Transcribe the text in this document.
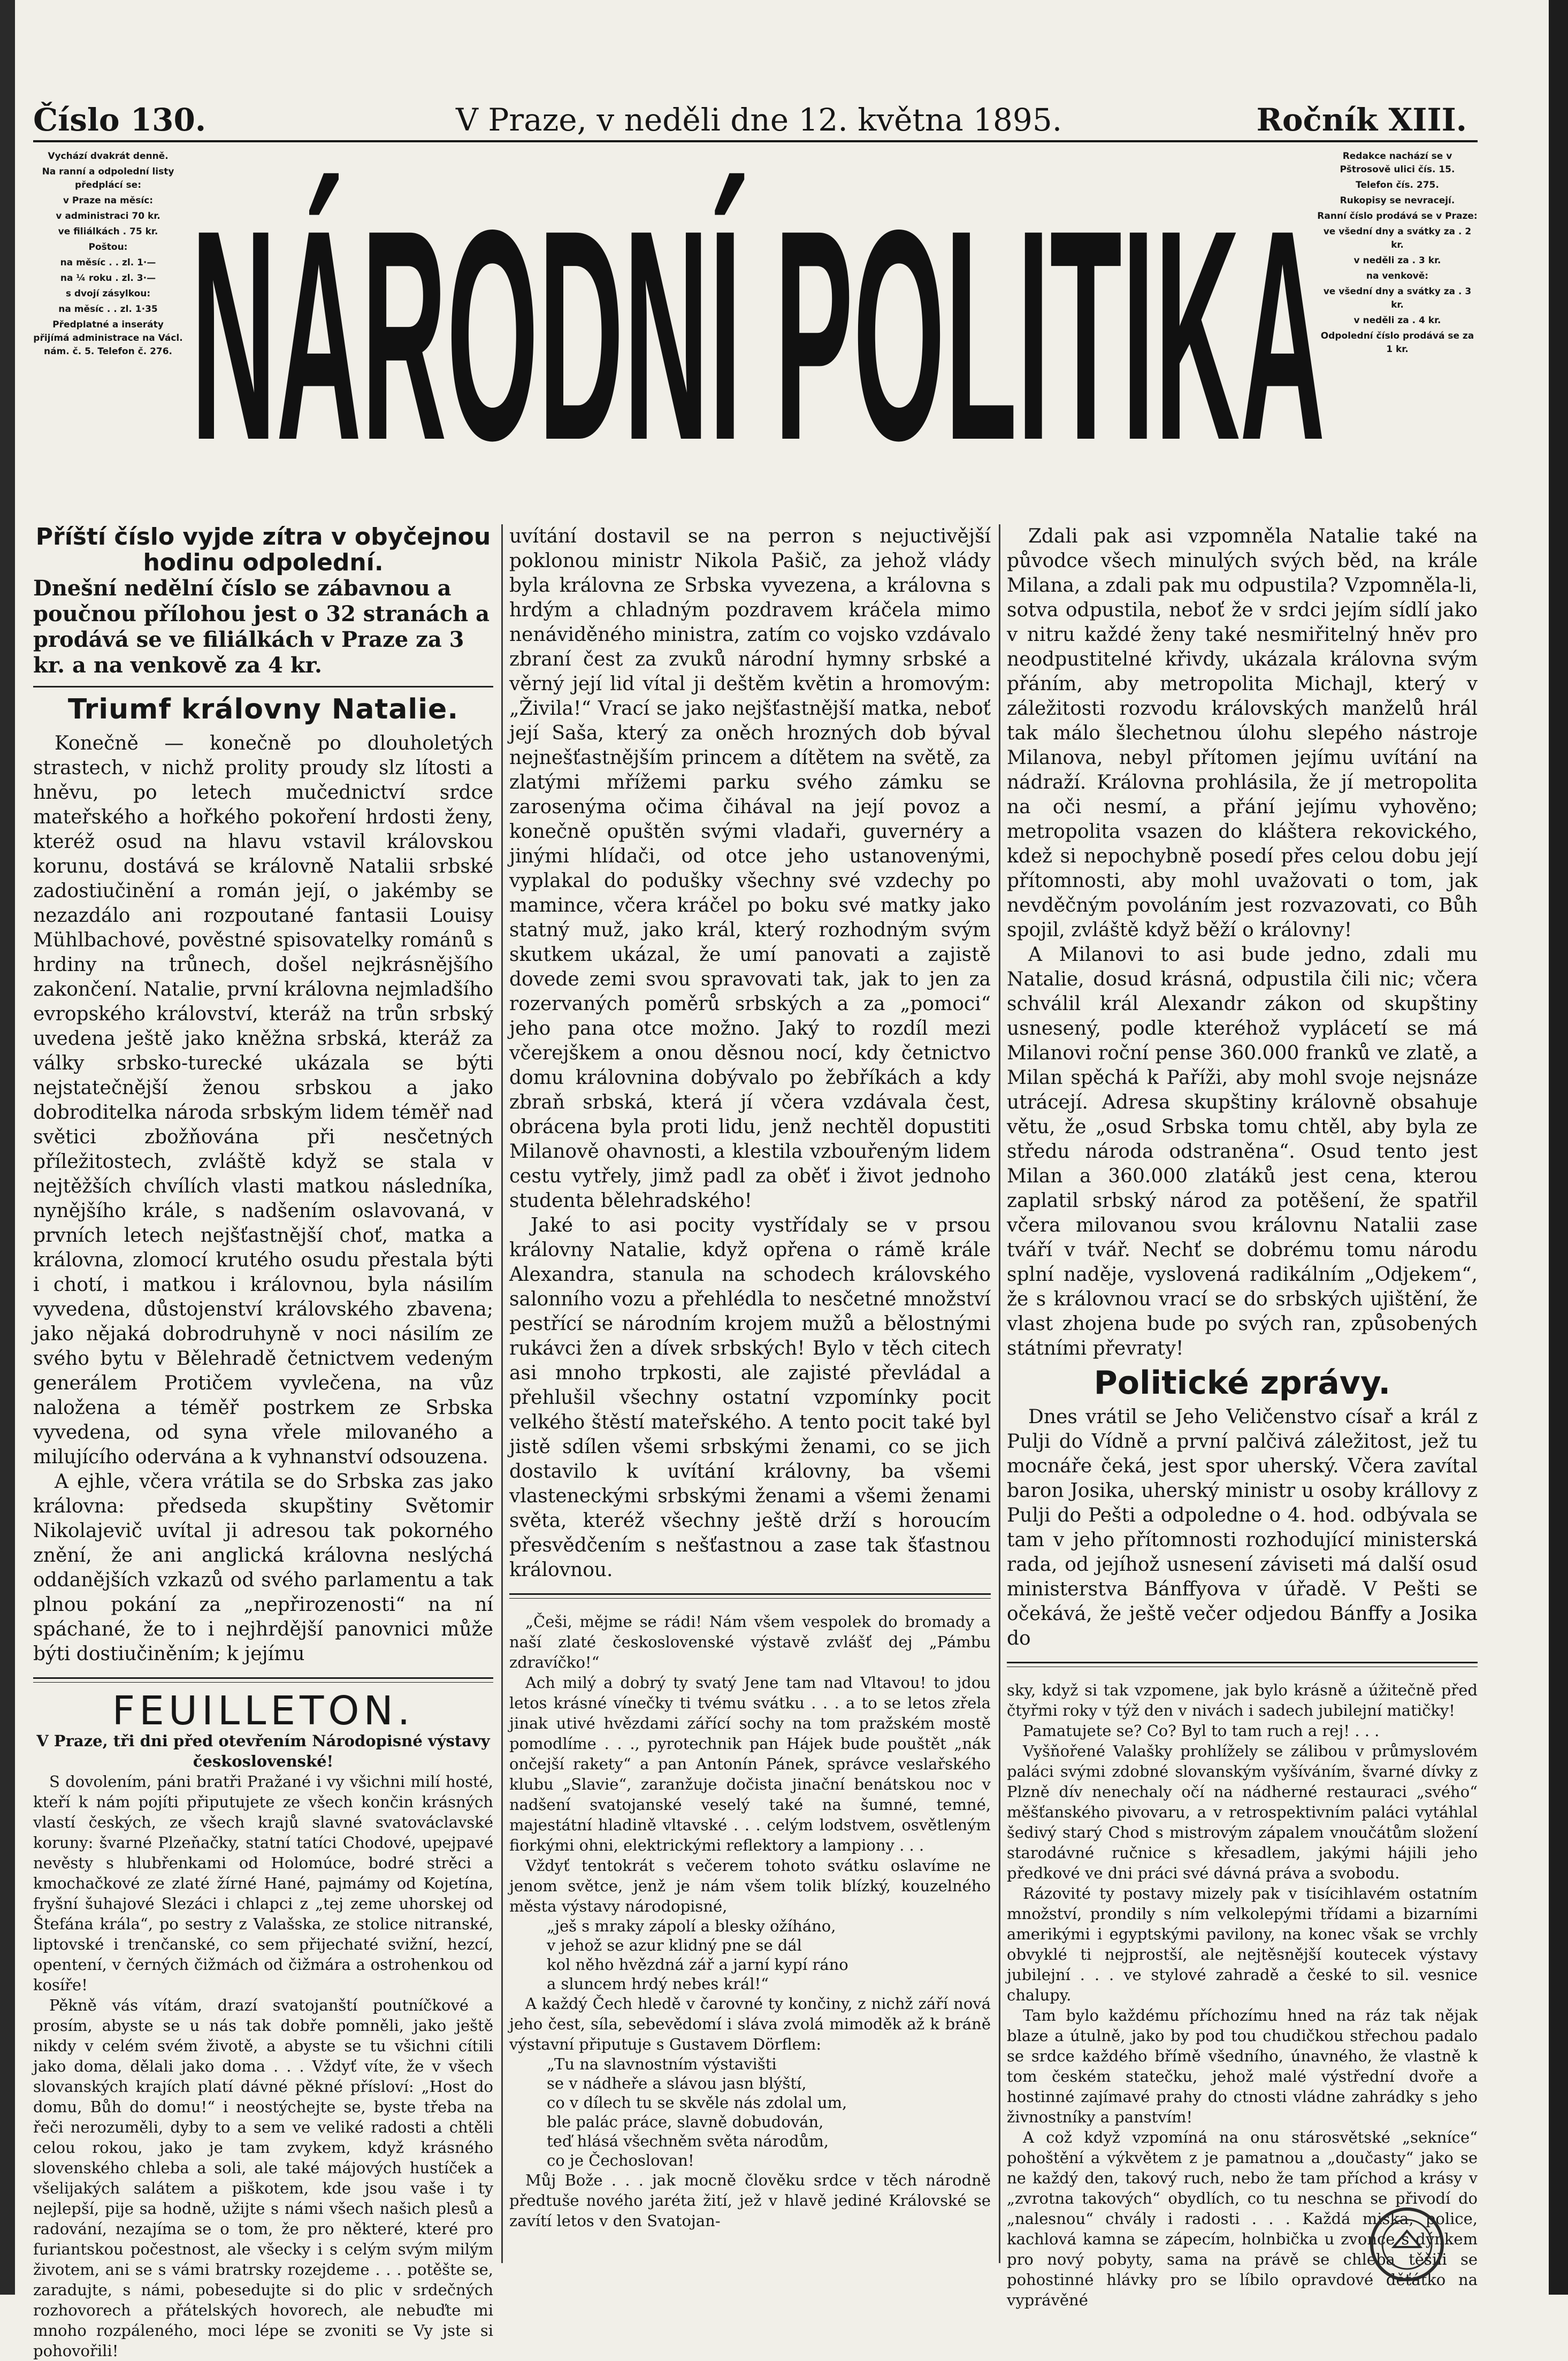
Číslo 130.	V Praze, v neděli dne 12. května 1895.	Ročník XIII.

Vychází dvakrát denně.

Na ranní a odpolední listy předplácí se:

v Praze na měsíc:

v administraci 70 kr.

ve filiálkách . 75 kr.

Poštou:

na měsíc . . zl. 1·—

na ¼ roku . zl. 3·—

s dvojí zásylkou:

na měsíc . . zl. 1·35

Předplatné a inseráty přijímá administrace na Václ. nám. č. 5. Telefon č. 276. NÁRODNÍ POLITIKA

Redakce nachází se v Pštrosově ulici čís. 15.

Telefon čís. 275.

Rukopisy se nevracejí.

Ranní číslo prodává se v Praze:

ve všední dny a svátky za . 2 kr.

v neděli za . 3 kr.

na venkově:

ve všední dny a svátky za . 3 kr.

v neděli za . 4 kr.

Odpolední číslo prodává se za 1 kr.

Příští číslo vyjde zítra v obyčejnou hodinu odpolední.

Dnešní nedělní číslo se zábavnou a poučnou přílohou jest o 32 stranách a prodává se ve filiálkách v Praze za 3 kr. a na venkově za 4 kr.

Triumf královny Natalie.

Konečně — konečně po dlouholetých strastech, v nichž prolity proudy slz lítosti a hněvu, po letech mučednictví srdce mateřského a hořkého pokoření hrdosti ženy, kteréž osud na hlavu vstavil královskou korunu, dostává se královně Natalii srbské zadostiučinění a román její, o jakémby se nezazdálo ani rozpoutané fantasii Louisy Mühlbachové, pověstné spisovatelky románů s hrdiny na trůnech, došel nejkrásnějšího zakončení. Natalie, první královna nejmladšího evropského království, kteráž na trůn srbský uvedena ještě jako kněžna srbská, kteráž za války srbsko-turecké ukázala se býti nejstatečnější ženou srbskou a jako dobroditelka národa srbským lidem téměř nad světici zbožňována při nesčetných příležitostech, zvláště když se stala v nejtěžších chvílích vlasti matkou následníka, nynějšího krále, s nadšením oslavovaná, v prvních letech nejšťastnější choť, matka a královna, zlomocí krutého osudu přestala býti i chotí, i matkou i královnou, byla násilím vyvedena, důstojenství královského zbavena; jako nějaká dobrodruhyně v noci násilím ze svého bytu v Bělehradě četnictvem vedeným generálem Protičem vyvlečena, na vůz naložena a téměř postrkem ze Srbska vyvedena, od syna vřele milovaného a milujícího odervána a k vyhnanství odsouzena.

A ejhle, včera vrátila se do Srbska zas jako královna: předseda skupštiny Světomir Nikolajevič uvítal ji adresou tak pokorného znění, že ani anglická královna neslýchá oddanějších vzkazů od svého parlamentu a tak plnou pokání za „nepřirozenosti“ na ní spáchané, že to i nejhrdější panovnici může býti dostiučiněním; k jejímu

FEUILLETON.

V Praze, tři dni před otevřením Národopisné výstavy československé!

S dovolením, páni bratři Pražané i vy všichni milí hosté, kteří k nám pojíti připutujete ze všech končin krásných vlastí českých, ze všech krajů slavné svatováclavské koruny: švarné Plzeňačky, statní tatíci Chodové, upejpavé nevěsty s hlubřenkami od Holomúce, bodré strěci a kmochačkové ze zlaté žírné Hané, pajmámy od Kojetína, fryšní šuhajové Slezáci i chlapci z „tej zeme uhorskej od Štefána krála“, po sestry z Valašska, ze stolice nitranské, liptovské i trenčanské, co sem přijechaté svižní, hezcí, opentení, v černých čižmách od čižmára a ostrohenkou od kosíře!

Pěkně vás vítám, drazí svatojanští poutníčkové a prosím, abyste se u nás tak dobře pomněli, jako ještě nikdy v celém svém životě, a abyste se tu všichni cítili jako doma, dělali jako doma . . . Vždyť víte, že v všech slovanských krajích platí dávné pěkné přísloví: „Host do domu, Bůh do domu!“ i neostýchejte se, byste třeba na řeči nerozuměli, dyby to a sem ve veliké radosti a chtěli celou rokou, jako je tam zvykem, když krásného slovenského chleba a soli, ale také májových hustíček a všelijakých salátem a piškotem, kde jsou vaše i ty nejlepší, pije sa hodně, užijte s námi všech našich plesů a radování, nezajíma se o tom, že pro některé, které pro furiantskou počestnost, ale všecky i s celým svým milým životem, ani se s vámi bratrsky rozejdeme . . . potěšte se, zaradujte, s námi, pobesedujte si do plic v srdečných rozhovorech a přátelských hovorech, ale nebuďte mi mnoho rozpáleného, moci lépe se zvoniti se Vy jste si pohovořili!

uvítání dostavil se na perron s nejuctivější poklonou ministr Nikola Pašič, za jehož vlády byla královna ze Srbska vyvezena, a královna s hrdým a chladným pozdravem kráčela mimo nenáviděného ministra, zatím co vojsko vzdávalo zbraní čest za zvuků národní hymny srbské a věrný její lid vítal ji deštěm květin a hromovým: „Živila!“ Vrací se jako nejšťastnější matka, neboť její Saša, který za oněch hrozných dob býval nejnešťastnějším princem a dítětem na světě, za zlatými mřížemi parku svého zámku se zarosenýma očima čihával na její povoz a konečně opuštěn svými vladaři, guvernéry a jinými hlídači, od otce jeho ustanovenými, vyplakal do podušky všechny své vzdechy po mamince, včera kráčel po boku své matky jako statný muž, jako král, který rozhodným svým skutkem ukázal, že umí panovati a zajistě dovede zemi svou spravovati tak, jak to jen za rozervaných poměrů srbských a za „pomoci“ jeho pana otce možno. Jaký to rozdíl mezi včerejškem a onou děsnou nocí, kdy četnictvo domu královnina dobývalo po žebříkách a kdy zbraň srbská, která jí včera vzdávala čest, obrácena byla proti lidu, jenž nechtěl dopustiti Milanově ohavnosti, a klestila vzbouřeným lidem cestu vytřely, jimž padl za oběť i život jednoho studenta bělehradského!

Jaké to asi pocity vystřídaly se v prsou královny Natalie, když opřena o rámě krále Alexandra, stanula na schodech královského salonního vozu a přehlédla to nesčetné množství pestřící se národním krojem mužů a bělostnými rukávci žen a dívek srbských! Bylo v těch citech asi mnoho trpkosti, ale zajisté převládal a přehlušil všechny ostatní vzpomínky pocit velkého štěstí mateřského. A tento pocit také byl jistě sdílen všemi srbskými ženami, co se jich dostavilo k uvítání královny, ba všemi vlasteneckými srbskými ženami a všemi ženami světa, kteréž všechny ještě drží s horoucím přesvědčením s nešťastnou a zase tak šťastnou královnou.

„Češi, mějme se rádi! Nám všem vespolek do bromady a naší zlaté československé výstavě zvlášť dej „Pámbu zdravíčko!“

Ach milý a dobrý ty svatý Jene tam nad Vltavou! to jdou letos krásné vínečky ti tvému svátku . . . a to se letos zřela jinak utivé hvězdami zářící sochy na tom pražském mostě pomodlíme . . ., pyrotechnik pan Hájek bude pouštět „nák ončejší rakety“ a pan Antonín Pánek, správce veslařského klubu „Slavie“, zaranžuje dočista jinační benátskou noc v nadšení svatojanské veselý také na šumné, temné, majestátní hladině vltavské . . . celým lodstvem, osvětleným fiorkými ohni, elektrickými reflektory a lampiony . . .

Vždyť tentokrát s večerem tohoto svátku oslavíme ne jenom světce, jenž je nám všem tolik blízký, kouzelného města výstavy národopisné,

„ješ s mraky zápolí a blesky ožíháno,

v jehož se azur klidný pne se dál

kol něho hvězdná zář a jarní kypí ráno

a sluncem hrdý nebes král!“

A každý Čech hledě v čarovné ty končiny, z nichž září nová jeho čest, síla, sebevědomí i sláva zvolá mimoděk až k bráně výstavní připutuje s Gustavem Dörflem:

„Tu na slavnostním výstavišti

se v nádheře a slávou jasn blýští,

co v dílech tu se skvěle nás zdolal um,

ble palác práce, slavně dobudován,

teď hlásá všechněm světa národům,

co je Čechoslovan!

Můj Bože . . . jak mocně člověku srdce v těch národně předtuše nového jaréta žití, jež v hlavě jediné Královské se zavítí letos v den Svatojan-

Zdali pak asi vzpomněla Natalie také na původce všech minulých svých běd, na krále Milana, a zdali pak mu odpustila? Vzpomněla-li, sotva odpustila, neboť že v srdci jejím sídlí jako v nitru každé ženy také nesmiřitelný hněv pro neodpustitelné křivdy, ukázala královna svým přáním, aby metropolita Michajl, který v záležitosti rozvodu královských manželů hrál tak málo šlechetnou úlohu slepého nástroje Milanova, nebyl přítomen jejímu uvítání na nádraží. Královna prohlásila, že jí metropolita na oči nesmí, a přání jejímu vyhověno; metropolita vsazen do kláštera rekovického, kdež si nepochybně posedí přes celou dobu její přítomnosti, aby mohl uvažovati o tom, jak nevděčným povoláním jest rozvazovati, co Bůh spojil, zvláště když běží o královny!

A Milanovi to asi bude jedno, zdali mu Natalie, dosud krásná, odpustila čili nic; včera schválil král Alexandr zákon od skupštiny usnesený, podle kteréhož vyplácetí se má Milanovi roční pense 360.000 franků ve zlatě, a Milan spěchá k Paříži, aby mohl svoje nejsnáze utrácejí. Adresa skupštiny královně obsahuje větu, že „osud Srbska tomu chtěl, aby byla ze středu národa odstraněna“. Osud tento jest Milan a 360.000 zlatáků jest cena, kterou zaplatil srbský národ za potěšení, že spatřil včera milovanou svou královnu Natalii zase tváří v tvář. Nechť se dobrému tomu národu splní naděje, vyslovená radikálním „Odjekem“, že s královnou vrací se do srbských ujištění, že vlast zhojena bude po svých ran, způsobených státními převraty!

Politické zprávy.

Dnes vrátil se Jeho Veličenstvo císař a král z Pulji do Vídně a první palčivá záležitost, jež tu mocnáře čeká, jest spor uherský. Včera zavítal baron Josika, uherský ministr u osoby krállovy z Pulji do Pešti a odpoledne o 4. hod. odbývala se tam v jeho přítomnosti rozhodující ministerská rada, od jejíhož usnesení záviseti má další osud ministerstva Bánffyova v úřadě. V Pešti se očekává, že ještě večer odjedou Bánffy a Josika do

sky, když si tak vzpomene, jak bylo krásně a úžitečně před čtyřmi roky v týž den v nivách i sadech jubilejní matičky!

Pamatujete se? Co? Byl to tam ruch a rej! . . .

Vyšňořené Valašky prohlížely se zálibou v průmyslovém paláci svými zdobné slovanským vyšíváním, švarné dívky z Plzně dív nenechaly očí na nádherné restauraci „svého“ měšťanského pivovaru, a v retrospektivním paláci vytáhlal šedivý starý Chod s mistrovým zápalem vnoučátům složení starodávné ručnice s křesadlem, jakými hájili jeho předkové ve dni práci své dávná práva a svobodu.

Rázovité ty postavy mizely pak v tisícihlavém ostatním množství, prondily s ním velkolepými třídami a bizarními amerikými i egyptskými pavilony, na konec však se vrchly obvyklé ti nejprostší, ale nejtěsnější koutecek výstavy jubilejní . . . ve stylové zahradě a české to sil. vesnice chalupy.

Tam bylo každému příchozímu hned na ráz tak nějak blaze a útulně, jako by pod tou chudičkou střechou padalo se srdce každého břímě všedního, únavného, že vlastně k tom českém statečku, jehož malé výstřední dvoře a hostinné zajímavé prahy do ctnosti vládne zahrádky s jeho živnostníky a panstvím!

A což když vzpomíná na onu stárosvětské „sekníce“ pohoštění a výkvětem z je pamatnou a „doučasty“ jako se ne každý den, takový ruch, nebo že tam příchod a krásy v „zvrotna takových“ obydlích, co tu neschna se přivodí do „nalesnou“ chvály i radosti . . . Každá miska, police, kachlová kamna se zápecím, holnbička u zvonce s dýnkem pro nový pobyty, sama na právě se chleba těšili se pohostinné hlávky pro se líbilo opravdové děťátko na vyprávěné
